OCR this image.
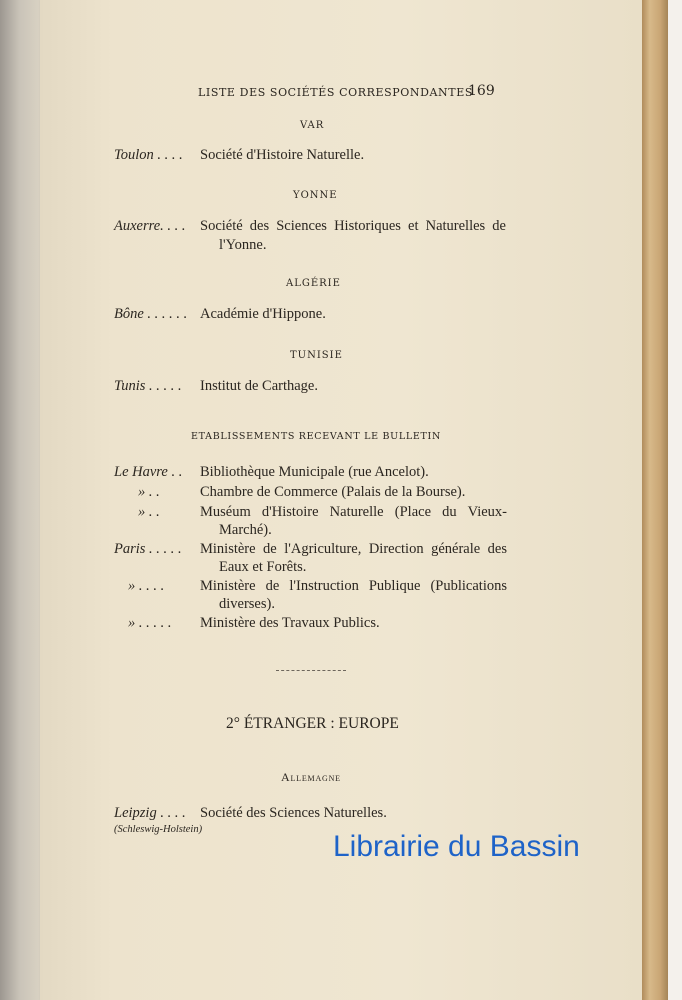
LISTE DES SOCIÉTÉS CORRESPONDANTES
169
VAR
Toulon . . . . Société d'Histoire Naturelle.
YONNE
Auxerre. . . . Société des Sciences Historiques et Naturelles de
l'Yonne.
ALGÉRIE
Bône . . . . . . Académie d'Hippone.
TUNISIE
Tunis . . . . . Institut de Carthage.
ETABLISSEMENTS RECEVANT LE BULLETIN
Le Havre . . Bibliothèque Municipale (rue Ancelot).
» . .	Chambre de Commerce (Palais de la Bourse).
» . .	Muséum d'Histoire Naturelle (Place du Vieux-
Marché).
Paris . . . . . Ministère de l'Agriculture, Direction générale des
Eaux et Forêts.
» . . . . Ministère de l'Instruction Publique (Publications
diverses).
» . . . . . Ministère des Travaux Publics.
2° ÉTRANGER : EUROPE
Allemagne
Leipzig . . . . Société des Sciences Naturelles.
(Schleswig-Holstein)
Librairie du Bassin
